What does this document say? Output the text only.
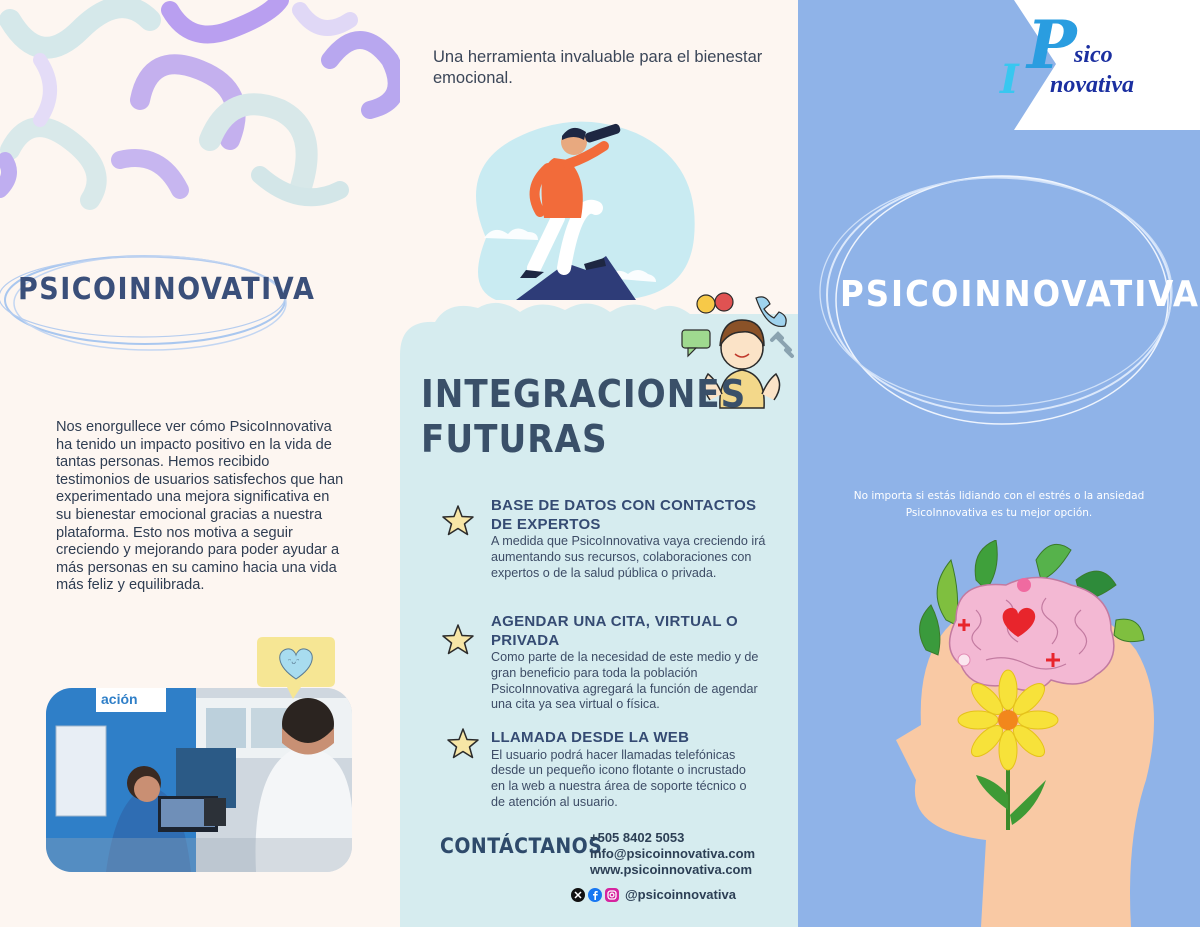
PSICOINNOVATIVA

Nos enorgullece ver cómo PsicoInnovativa ha tenido un impacto positivo en la vida de tantas personas. Hemos recibido testimonios de usuarios satisfechos que han experimentado una mejora significativa en su bienestar emocional gracias a nuestra plataforma. Esto nos motiva a seguir creciendo y mejorando para poder ayudar a más personas en su camino hacia una vida más feliz y equilibrada.

ación
ᵔᴗᵔ

Una herramienta invaluable para el bienestar emocional.

INTEGRACIONES
FUTURAS
BASE DE DATOS CON CONTACTOS DE EXPERTOS
A medida que PsicoInnovativa vaya creciendo irá aumentando sus recursos, colaboraciones con expertos o de la salud pública o privada.
AGENDAR UNA CITA, VIRTUAL O PRIVADA
Como parte de la necesidad de este medio y de gran beneficio para toda la población PsicoInnovativa agregará la función de agendar una cita ya sea virtual o física.
LLAMADA DESDE LA WEB
El usuario podrá hacer llamadas telefónicas desde un pequeño icono flotante o incrustado en la web a nuestra área de soporte técnico o de atención al usuario.
CONTÁCTANOS
+505 8402 5053
info@psicoinnovativa.com
www.psicoinnovativa.com
@psicoinnovativa
P
I
sico
novativa
PSICOINNOVATIVA
No importa si estás lidiando con el estrés o la ansiedad
PsicoInnovativa es tu mejor opción.
